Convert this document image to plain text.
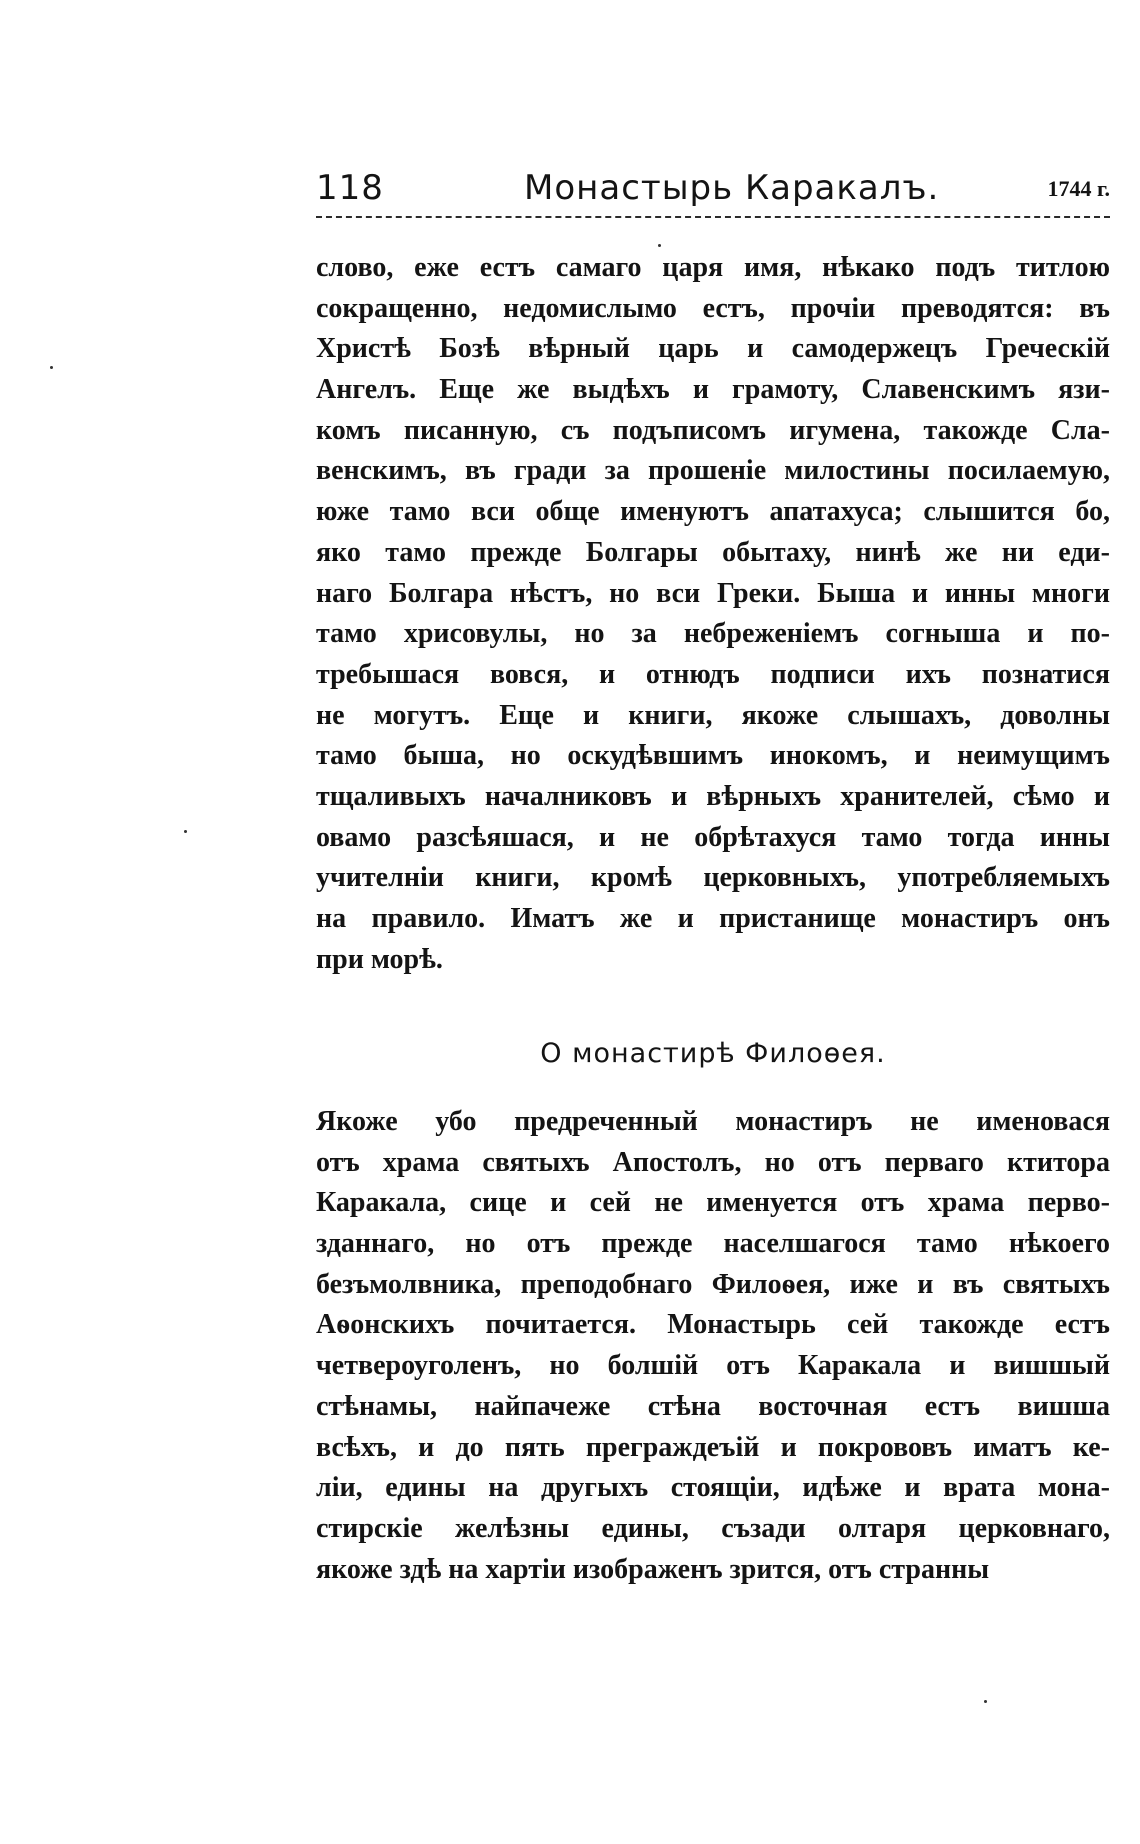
118	Монастырь Каракалъ.	1744 г.
слово, еже естъ самаго царя имя, нѣкако подъ титлою
сокращенно, недомислымо естъ, прочіи преводятся: въ
Христѣ Бозѣ вѣрный царь и самодержецъ Греческій
Ангелъ. Еще же выдѣхъ и грамоту, Славенскимъ язи-
комъ писанную, съ подъписомъ игумена, такожде Сла-
венскимъ, въ гради за прошеніе милостины посилаемую,
юже тамо вси обще именуютъ апатахуса; слышится бо,
яко тамо прежде Болгары обытаху, нинѣ же ни еди-
наго Болгара нѣстъ, но вси Греки. Быша и инны многи
тамо хрисовулы, но за небреженіемъ согныша и по-
требышася вовся, и отнюдъ подписи ихъ познатися
не могутъ. Еще и книги, якоже слышахъ, доволны
тамо быша, но оскудѣвшимъ инокомъ, и неимущимъ
тщаливыхъ началниковъ и вѣрныхъ хранителей, сѣмо и
овамо разсѣяшася, и не обрѣтахуся тамо тогда инны
учителніи книги, кромѣ церковныхъ, употребляемыхъ
на правило. Иматъ же и пристанище монастиръ онъ
при морѣ.
О монастирѣ Филоѳея.
Якоже убо предреченный монастиръ не именовася
отъ храма святыхъ Апостолъ, но отъ перваго ктитора
Каракала, сице и сей не именуется отъ храма перво-
зданнаго, но отъ прежде населшагося тамо нѣкоего
безъмолвника, преподобнаго Филоѳея, иже и въ святыхъ
Аѳонскихъ почитается. Монастырь сей такожде естъ
четвероуголенъ, но болшій отъ Каракала и вишшый
стѣнамы, найпачеже стѣна восточная естъ вишша
всѣхъ, и до пять преграждеъій и покрововъ иматъ ке-
ліи, едины на другыхъ стоящіи, идѣже и врата мона-
стирскіе желѣзны едины, съзади олтаря церковнаго,
якоже здѣ на хартіи изображенъ зрится, отъ странны
